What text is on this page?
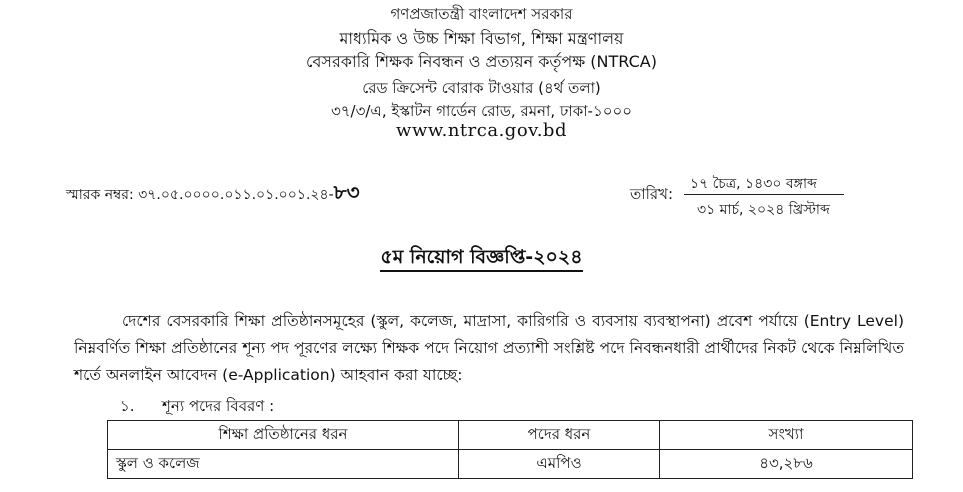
গণপ্রজাতন্ত্রী বাংলাদেশ সরকার
মাধ্যমিক ও উচ্চ শিক্ষা বিভাগ, শিক্ষা মন্ত্রণালয়
বেসরকারি শিক্ষক নিবন্ধন ও প্রত্যয়ন কর্তৃপক্ষ (NTRCA)
রেড ক্রিসেন্ট বোরাক টাওয়ার (৪র্থ তলা)
৩৭/৩/এ, ইস্কাটন গার্ডেন রোড, রমনা, ঢাকা-১০০০
www.ntrca.gov.bd
স্মারক নম্বর: ৩৭.০৫.০০০০.০১১.০১.০০১.২৪-৮৩	তারিখ:
১৭ চৈত্র, ১৪৩০ বঙ্গাব্দ
৩১ মার্চ, ২০২৪ খ্রিস্টাব্দ
৫ম নিয়োগ বিজ্ঞপ্তি-২০২৪

দেশের বেসরকারি শিক্ষা প্রতিষ্ঠানসমূহের (স্কুল, কলেজ, মাদ্রাসা, কারিগরি ও ব্যবসায় ব্যবস্থাপনা) প্রবেশ পর্যায়ে (Entry Level) নিম্নবর্ণিত শিক্ষা প্রতিষ্ঠানের শূন্য পদ পূরণের লক্ষ্যে শিক্ষক পদে নিয়োগ প্রত্যাশী সংশ্লিষ্ট পদে নিবন্ধনধারী প্রার্থীদের নিকট থেকে নিম্নলিখিত শর্তে অনলাইন আবেদন (e-Application) আহবান করা যাচ্ছে:

১. শূন্য পদের বিবরণ :
শিক্ষা প্রতিষ্ঠানের ধরন	পদের ধরন	সংখ্যা
স্কুল ও কলেজ	এমপিও	৪৩,২৮৬
